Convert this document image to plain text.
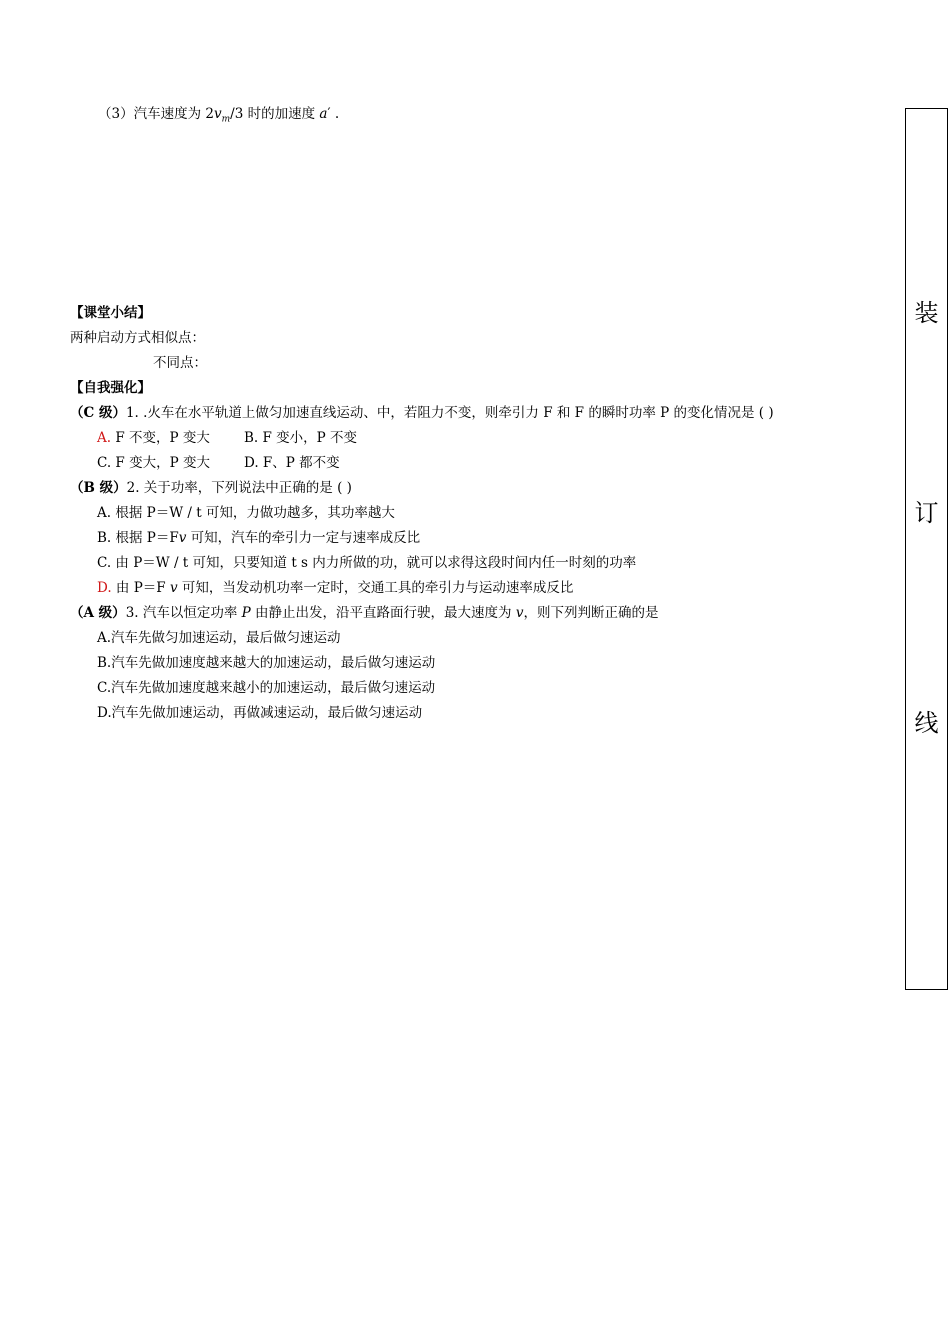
（3）汽车速度为 $2v_m/3$ 时的加速度 a′ .
【课堂小结】
两种启动方式相似点：
不同点：
【自我强化】
（C 级）1. .火车在水平轨道上做匀加速直线运动、中，若阻力不变，则牵引力 F 和 F 的瞬时功率 P 的变化情况是 ( )
A. F 不变，P 变大	B. F 变小，P 不变
C. F 变大，P 变大	D. F、P 都不变
（B 级）2. 关于功率，下列说法中正确的是 ( )
A. 根据 P＝W / t 可知，力做功越多，其功率越大
B. 根据 P＝Fv 可知，汽车的牵引力一定与速率成反比
C. 由 P＝W / t 可知，只要知道 t s 内力所做的功，就可以求得这段时间内任一时刻的功率
D. 由 P＝F v 可知，当发动机功率一定时，交通工具的牵引力与运动速率成反比
（A 级）3. 汽车以恒定功率 P 由静止出发，沿平直路面行驶，最大速度为 v，则下列判断正确的是
A.汽车先做匀加速运动，最后做匀速运动
B.汽车先做加速度越来越大的加速运动，最后做匀速运动
C.汽车先做加速度越来越小的加速运动，最后做匀速运动
D.汽车先做加速运动，再做减速运动，最后做匀速运动
装
订
线
